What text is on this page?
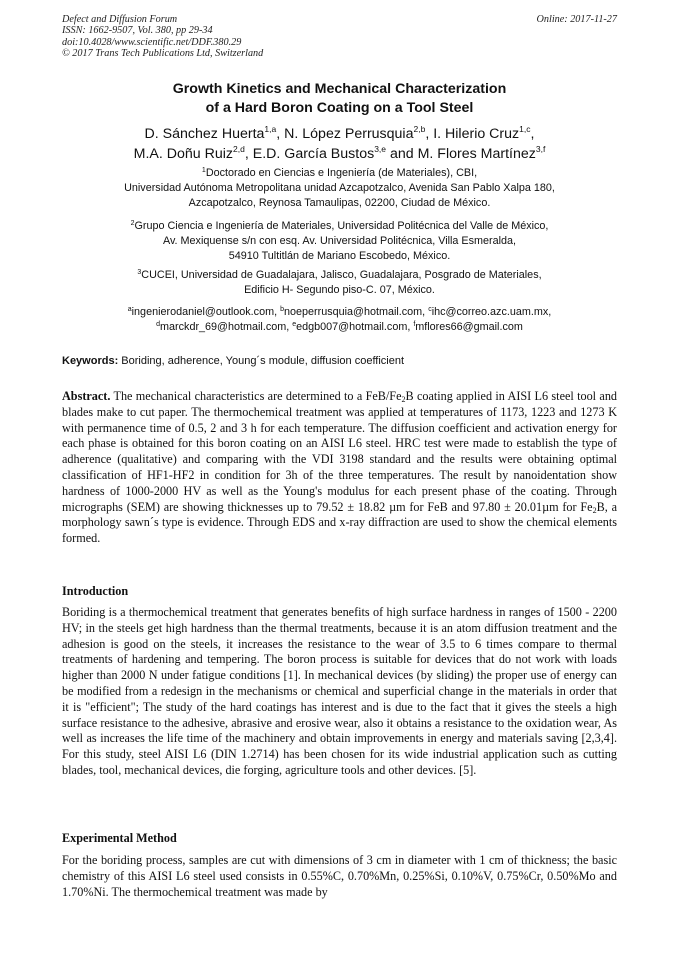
Defect and Diffusion Forum
ISSN: 1662-9507, Vol. 380, pp 29-34
doi:10.4028/www.scientific.net/DDF.380.29
© 2017 Trans Tech Publications Ltd, Switzerland
Online: 2017-11-27
Growth Kinetics and Mechanical Characterization
of a Hard Boron Coating on a Tool Steel
D. Sánchez Huerta$^{1,a}$, N. López Perrusquia$^{2,b}$, I. Hilerio Cruz$^{1,c}$,
M.A. Doñu Ruiz$^{2,d}$, E.D. García Bustos$^{3,e}$ and M. Flores Martínez$^{3,f}$
$^1$Doctorado en Ciencias e Ingeniería (de Materiales), CBI,
Universidad Autónoma Metropolitana unidad Azcapotzalco, Avenida San Pablo Xalpa 180,
Azcapotzalco, Reynosa Tamaulipas, 02200, Ciudad de México.
$^2$Grupo Ciencia e Ingeniería de Materiales, Universidad Politécnica del Valle de México,
Av. Mexiquense s/n con esq. Av. Universidad Politécnica, Villa Esmeralda,
54910 Tultitlán de Mariano Escobedo, México.
$^3$CUCEI, Universidad de Guadalajara, Jalisco, Guadalajara, Posgrado de Materiales,
Edificio H- Segundo piso-C. 07, México.
$^a$ingenierodaniel@outlook.com, $^b$noeperrusquia@hotmail.com, $^c$ihc@correo.azc.uam.mx,
$^d$marckdr_69@hotmail.com, $^e$edgb007@hotmail.com, $^f$mflores66@gmail.com
Keywords: Boriding, adherence, Young´s module, diffusion coefficient
Abstract. The mechanical characteristics are determined to a FeB/$Fe_2B$ coating applied in AISI L6 steel tool and blades make to cut paper. The thermochemical treatment was applied at temperatures of 1173, 1223 and 1273 K with permanence time of 0.5, 2 and 3 h for each temperature. The diffusion coefficient and activation energy for each phase is obtained for this boron coating on an AISI L6 steel. HRC test were made to establish the type of adherence (qualitative) and comparing with the VDI 3198 standard and the results were obtaining optimal classification of HF1-HF2 in condition for 3h of the three temperatures. The result by nanoidentation show hardness of 1000-2000 HV as well as the Young's modulus for each present phase of the coating. Through micrographs (SEM) are showing thicknesses up to 79.52 ± 18.82 µm for FeB and 97.80 ± 20.01µm for $Fe_2B$, a morphology sawn´s type is evidence. Through EDS and x-ray diffraction are used to show the chemical elements formed.
Introduction
Boriding is a thermochemical treatment that generates benefits of high surface hardness in ranges of 1500 - 2200 HV; in the steels get high hardness than the thermal treatments, because it is an atom diffusion treatment and the adhesion is good on the steels, it increases the resistance to the wear of 3.5 to 6 times compare to thermal treatments of hardening and tempering. The boron process is suitable for devices that do not work with loads higher than 2000 N under fatigue conditions [1]. In mechanical devices (by sliding) the proper use of energy can be modified from a redesign in the mechanisms or chemical and superficial change in the materials in order that it is "efficient"; The study of the hard coatings has interest and is due to the fact that it gives the steels a high surface resistance to the adhesive, abrasive and erosive wear, also it obtains a resistance to the oxidation wear, As well as increases the life time of the machinery and obtain improvements in energy and materials saving [2,3,4]. For this study, steel AISI L6 (DIN 1.2714) has been chosen for its wide industrial application such as cutting blades, tool, mechanical devices, die forging, agriculture tools and other devices. [5].
Experimental Method
For the boriding process, samples are cut with dimensions of 3 cm in diameter with 1 cm of thickness; the basic chemistry of this AISI L6 steel used consists in 0.55%C, 0.70%Mn, 0.25%Si, 0.10%V, 0.75%Cr, 0.50%Mo and 1.70%Ni. The thermochemical treatment was made by
